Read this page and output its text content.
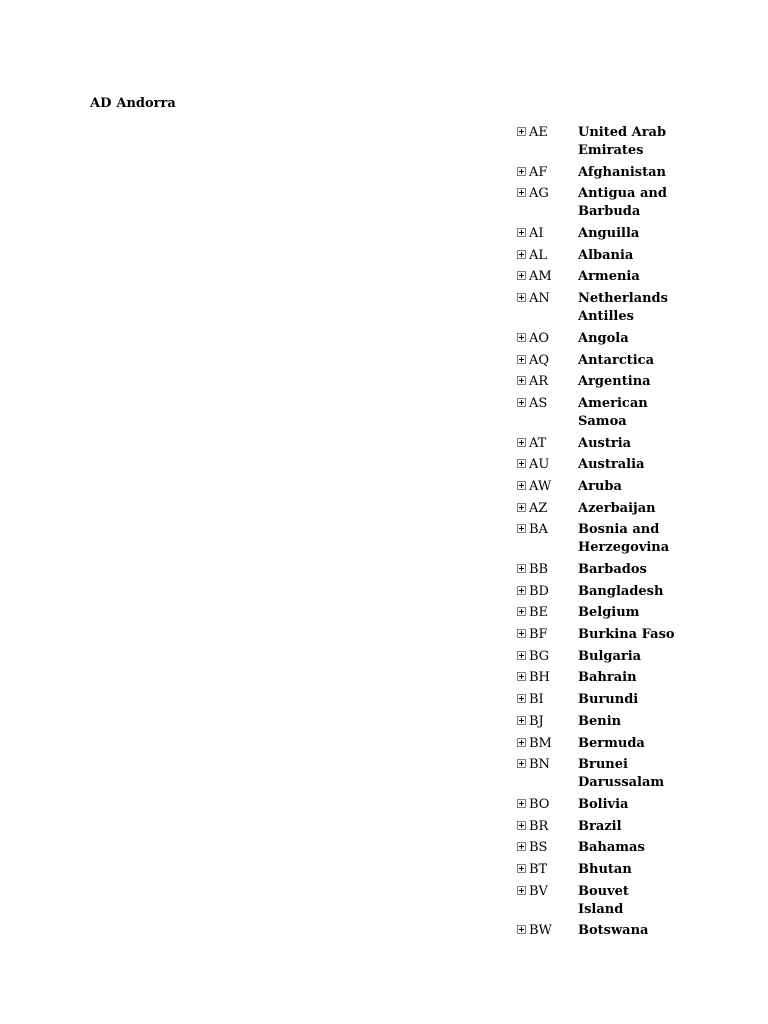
AD Andorra
	AE	United Arab Emirates
	AF	Afghanistan
	AG	Antigua and Barbuda
	AI	Anguilla
	AL	Albania
	AM	Armenia
	AN	Netherlands Antilles
	AO	Angola
	AQ	Antarctica
	AR	Argentina
	AS	American Samoa
	AT	Austria
	AU	Australia
	AW	Aruba
	AZ	Azerbaijan
	BA	Bosnia and Herzegovina
	BB	Barbados
	BD	Bangladesh
	BE	Belgium
	BF	Burkina Faso
	BG	Bulgaria
	BH	Bahrain
	BI	Burundi
	BJ	Benin
	BM	Bermuda
	BN	Brunei Darussalam
	BO	Bolivia
	BR	Brazil
	BS	Bahamas
	BT	Bhutan
	BV	Bouvet Island
	BW	Botswana
